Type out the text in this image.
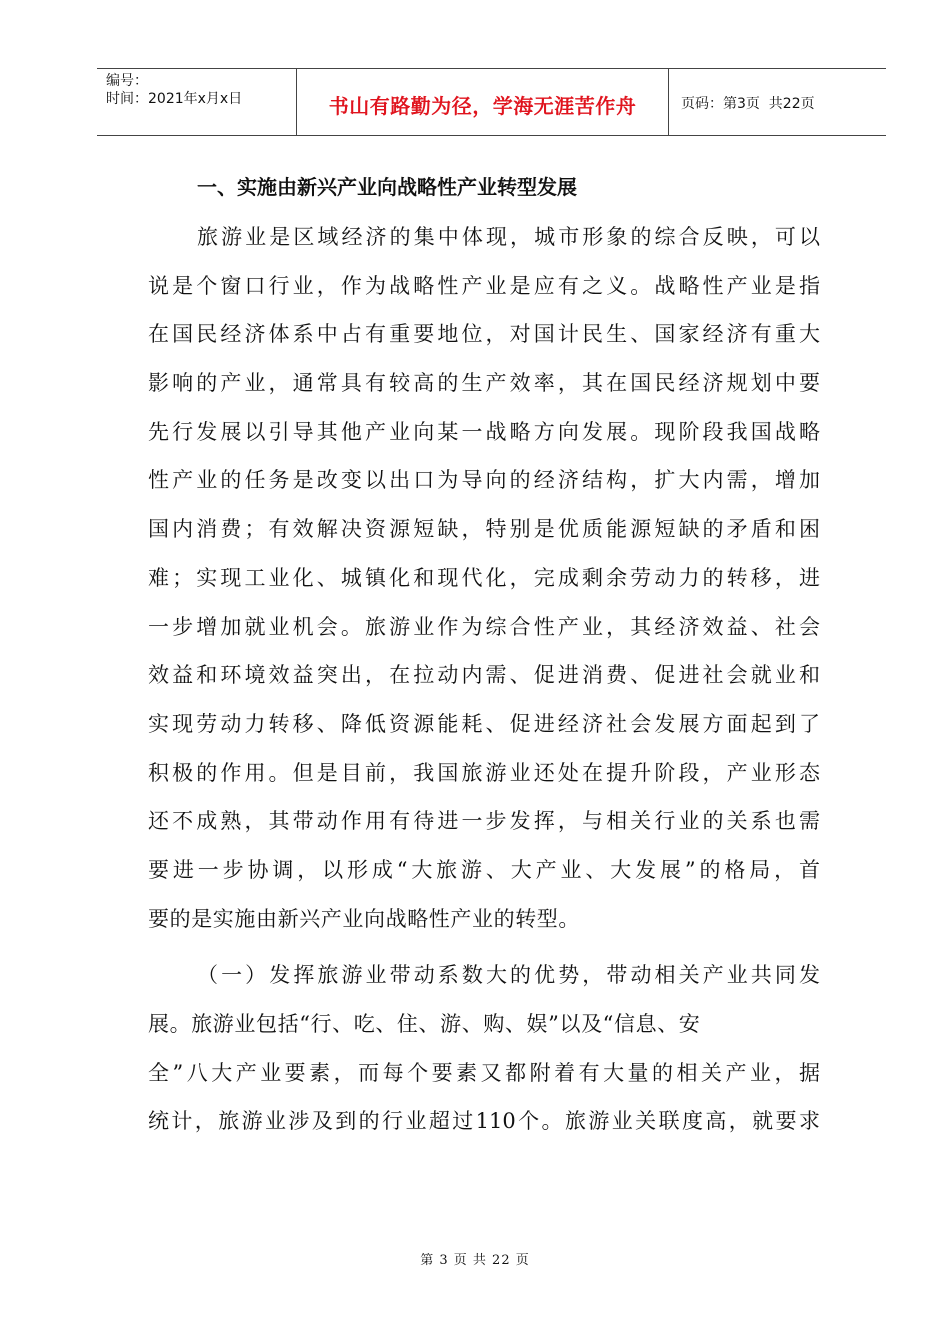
编号：
时间：2021年x月x日	书山有路勤为径，学海无涯苦作舟	页码：第3页  共22页
一、实施由新兴产业向战略性产业转型发展
旅游业是区域经济的集中体现，城市形象的综合反映，可以
说是个窗口行业，作为战略性产业是应有之义。战略性产业是指
在国民经济体系中占有重要地位，对国计民生、国家经济有重大
影响的产业，通常具有较高的生产效率，其在国民经济规划中要
先行发展以引导其他产业向某一战略方向发展。现阶段我国战略
性产业的任务是改变以出口为导向的经济结构，扩大内需，增加
国内消费；有效解决资源短缺，特别是优质能源短缺的矛盾和困
难；实现工业化、城镇化和现代化，完成剩余劳动力的转移，进
一步增加就业机会。旅游业作为综合性产业，其经济效益、社会
效益和环境效益突出，在拉动内需、促进消费、促进社会就业和
实现劳动力转移、降低资源能耗、促进经济社会发展方面起到了
积极的作用。但是目前，我国旅游业还处在提升阶段，产业形态
还不成熟，其带动作用有待进一步发挥，与相关行业的关系也需
要进一步协调，以形成“大旅游、大产业、大发展”的格局，首
要的是实施由新兴产业向战略性产业的转型。
（一）发挥旅游业带动系数大的优势，带动相关产业共同发
展。旅游业包括“行、吃、住、游、购、娱”以及“信息、安
全”八大产业要素，而每个要素又都附着有大量的相关产业，据
统计，旅游业涉及到的行业超过110个。旅游业关联度高，就要求
第 3 页 共 22 页
